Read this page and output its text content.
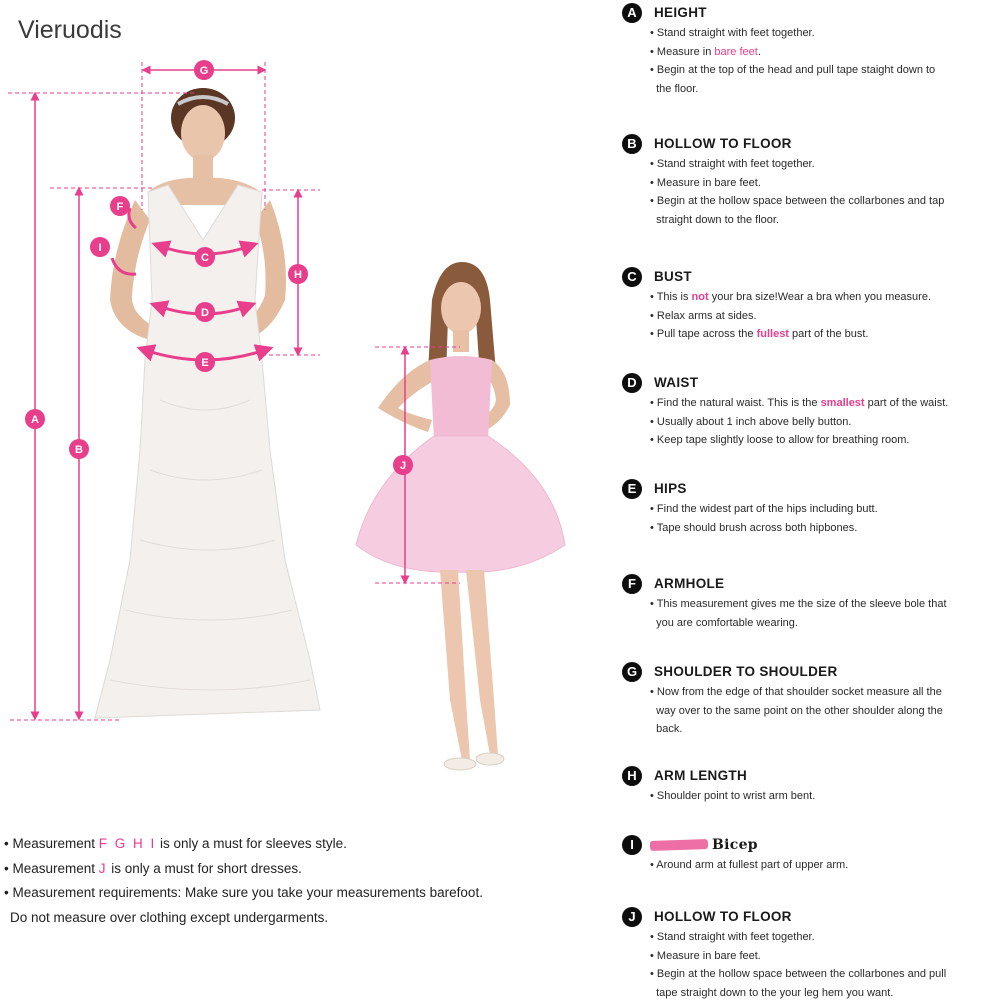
Vieruodis
A
B
C
D
E
F
G
H
I
J
• Measurement F G H I is only a must for sleeves style.
• Measurement J is only a must for short dresses.
• Measurement requirements: Make sure you take your measurements barefoot.
Do not measure over clothing except undergarments.
A	HEIGHT
• Stand straight with feet together.
• Measure in bare feet.
• Begin at the top of the head and pull tape staight down to
the floor.
B	HOLLOW TO FLOOR
• Stand straight with feet together.
• Measure in bare feet.
• Begin at the hollow space between the collarbones and tap
straight down to the floor.
C	BUST
• This is not your bra size!Wear a bra when you measure.
• Relax arms at sides.
• Pull tape across the fullest part of the bust.
D	WAIST
• Find the natural waist. This is the smallest part of the waist.
• Usually about 1 inch above belly button.
• Keep tape slightly loose to allow for breathing room.
E	HIPS
• Find the widest part of the hips including butt.
• Tape should brush across both hipbones.
F	ARMHOLE
• This measurement gives me the size of the sleeve bole that
you are comfortable wearing.
G	SHOULDER TO SHOULDER
• Now from the edge of that shoulder socket measure all the
way over to the same point on the other shoulder along the
back.
H	ARM LENGTH
• Shoulder point to wrist arm bent.
I	Bicep
• Around arm at fullest part of upper arm.
J	HOLLOW TO FLOOR
• Stand straight with feet together.
• Measure in bare feet.
• Begin at the hollow space between the collarbones and pull
tape straight down to the your leg hem you want.
